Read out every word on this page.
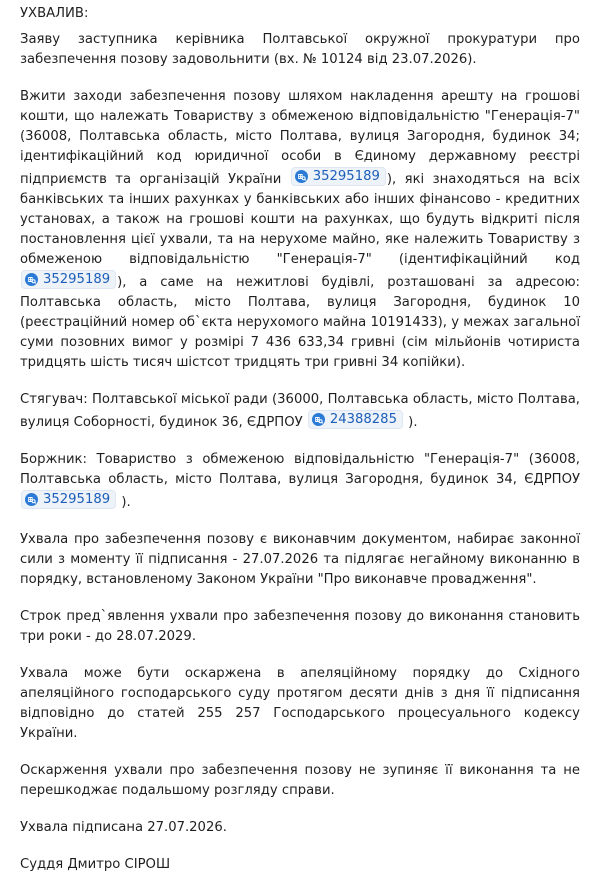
УХВАЛИВ:

Заяву заступника керівника Полтавської окружної прокуратури про забезпечення позову задовольнити (вх. № 10124 від 23.07.2026).

Вжити заходи забезпечення позову шляхом накладення арешту на грошові кошти, що належать Товариству з обмеженою відповідальністю "Генерація-7" (36008, Полтавська область, місто Полтава, вулиця Загородня, будинок 34; ідентифікаційний код юридичної особи в Єдиному державному реєстрі підприємств та організацій України 35295189 ), які знаходяться на всіх банківських та інших рахунках у банківських або інших фінансово - кредитних установах, а також на грошові кошти на рахунках, що будуть відкриті після постановлення цієї ухвали, та на нерухоме майно, яке належить Товариству з обмеженою відповідальністю "Генерація-7" (ідентифікаційний код
35295189 ), а саме на нежитлові будівлі, розташовані за адресою: Полтавська область, місто Полтава, вулиця Загородня, будинок 10 (реєстраційний номер об`єкта нерухомого майна 10191433), у межах загальної суми позовних вимог у розмірі 7 436 633,34 гривні (сім мільйонів чотириста тридцять шість тисяч шістсот тридцять три гривні 34 копійки).

Стягувач: Полтавської міської ради (36000, Полтавська область, місто Полтава, вулиця Соборності, будинок 36, ЄДРПОУ 24388285 ).

Боржник: Товариство з обмеженою відповідальністю "Генерація-7" (36008, Полтавська область, місто Полтава, вулиця Загородня, будинок 34, ЄДРПОУ
35295189 ).

Ухвала про забезпечення позову є виконавчим документом, набирає законної сили з моменту її підписання - 27.07.2026 та підлягає негайному виконанню в порядку, встановленому Законом України "Про виконавче провадження".

Строк пред`явлення ухвали про забезпечення позову до виконання становить три роки - до 28.07.2029.

Ухвала може бути оскаржена в апеляційному порядку до Східного апеляційного господарського суду протягом десяти днів з дня її підписання відповідно до статей 255 257 Господарського процесуального кодексу України.

Оскарження ухвали про забезпечення позову не зупиняє її виконання та не перешкоджає подальшому розгляду справи.

Ухвала підписана 27.07.2026.

Суддя Дмитро СІРОШ
